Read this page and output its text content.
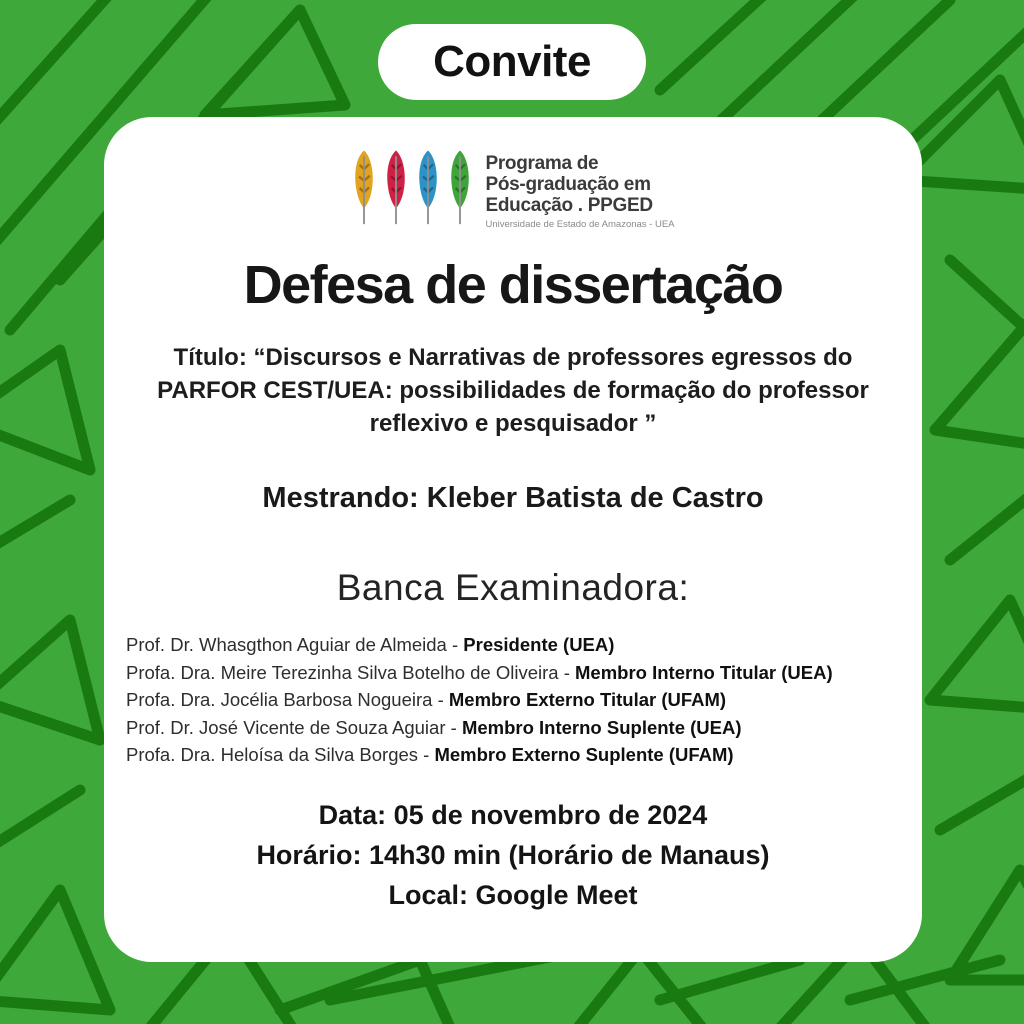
Convite
Programa de
Pós-graduação em
Educação . PPGED
Universidade de Estado de Amazonas - UEA
Defesa de dissertação

Título: “Discursos e Narrativas de professores egressos do PARFOR CEST/UEA: possibilidades de formação do professor reflexivo e pesquisador ”

Mestrando: Kleber Batista de Castro

Banca Examinadora:
Prof. Dr. Whasgthon Aguiar de Almeida - Presidente (UEA)
Profa. Dra. Meire Terezinha Silva Botelho de Oliveira - Membro Interno Titular (UEA)
Profa. Dra. Jocélia Barbosa Nogueira - Membro Externo Titular (UFAM)
Prof. Dr. José Vicente de Souza Aguiar - Membro Interno Suplente (UEA)
Profa. Dra. Heloísa da Silva Borges - Membro Externo Suplente (UFAM)
Data: 05 de novembro de 2024
Horário: 14h30 min (Horário de Manaus)
Local: Google Meet
